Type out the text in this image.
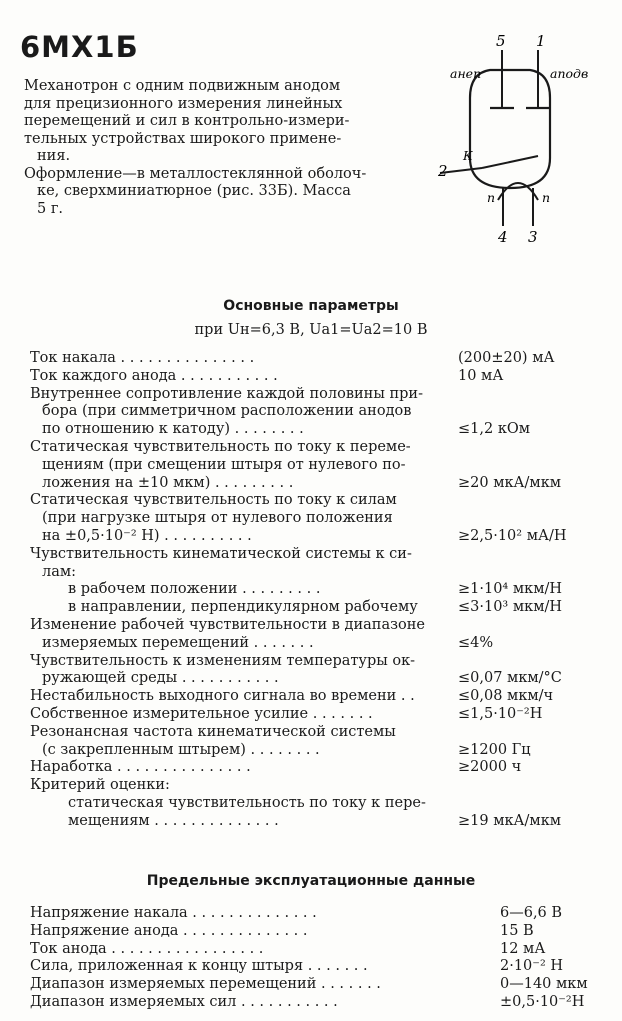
6МХ1Б

Механотрон с одним подвижным анодом
для прецизионного измерения линейных
перемещений и сил в контрольно-измери-
тельных устройствах широкого примене-
ния.

Оформление—в металлостеклянной оболоч-
ке, сверхминиатюрное (рис. 33Б). Масса
5 г.

5 1
aнеп	aподв
2
К
п	п
4 3
Основные параметры
при Uн=6,3 В, Ua1=Ua2=10 В
Ток накала . . . . . . . . . . . . . . .	(200±20) мА
Ток каждого анода . . . . . . . . . . .	10 мА
Внутреннее сопротивление каждой половины при-
бора (при симметричном расположении анодов
по отношению к катоду) . . . . . . . .	≤1,2 кОм
Статическая чувствительность по току к переме-
щениям (при смещении штыря от нулевого по-
ложения на ±10 мкм) . . . . . . . . .	≥20 мкА/мкм
Статическая чувствительность по току к силам
(при нагрузке штыря от нулевого положения
на ±0,5·10⁻² Н) . . . . . . . . . .	≥2,5·10² мА/Н
Чувствительность кинематической системы к си-
лам:
в рабочем положении . . . . . . . . .	≥1·10⁴ мкм/Н
в направлении, перпендикулярном рабочему	≤3·10³ мкм/Н
Изменение рабочей чувствительности в диапазоне
измеряемых перемещений . . . . . . .	≤4%
Чувствительность к изменениям температуры ок-
ружающей среды . . . . . . . . . . .	≤0,07 мкм/°С
Нестабильность выходного сигнала во времени . .	≤0,08 мкм/ч
Собственное измерительное усилие . . . . . . .	≤1,5·10⁻²Н
Резонансная частота кинематической системы
(с закрепленным штырем) . . . . . . . .	≥1200 Гц
Наработка . . . . . . . . . . . . . . .	≥2000 ч
Критерий оценки:
статическая чувствительность по току к пере-
мещениям . . . . . . . . . . . . . .	≥19 мкА/мкм
Предельные эксплуатационные данные
Напряжение накала . . . . . . . . . . . . . .	6—6,6 В
Напряжение анода . . . . . . . . . . . . . .	15 В
Ток анода . . . . . . . . . . . . . . . . .	12 мА
Сила, приложенная к концу штыря . . . . . . .	2·10⁻² Н
Диапазон измеряемых перемещений . . . . . . .	0—140 мкм
Диапазон измеряемых сил . . . . . . . . . . .	±0,5·10⁻²Н
